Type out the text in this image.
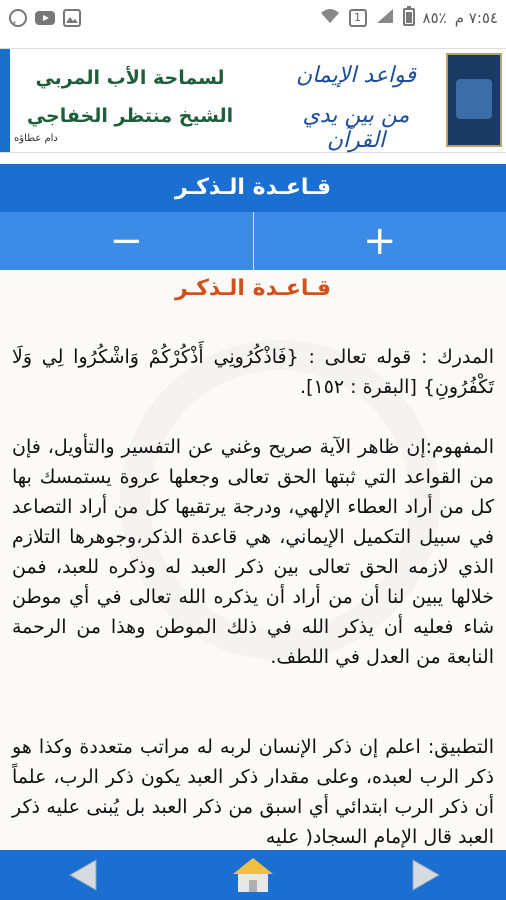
1	٨٥٪ ٧:٥٤ م
قواعد الإيمان
من بين يدي القرآن
لسماحة الأب المربي
الشيخ منتظر الخفاجي
دام عطاؤه
قـاعـدة الـذكـر
−	+
قـاعـدة الـذكـر
المدرك : قوله تعالى : {فَاذْكُرُونِي أَذْكُرْكُمْ وَاشْكُرُوا لِي وَلَا تَكْفُرُونِ} [البقرة : ١٥٢].
المفهوم:إن ظاهر الآية صريح وغني عن التفسير والتأويل، فإن من القواعد التي ثبتها الحق تعالى وجعلها عروة يستمسك بها كل من أراد العطاء الإلهي، ودرجة يرتقيها كل من أراد التصاعد في سبيل التكميل الإيماني، هي قاعدة الذكر،وجوهرها التلازم الذي لازمه الحق تعالى بين ذكر العبد له وذكره للعبد، فمن خلالها يبين لنا أن من أراد أن يذكره الله تعالى في أي موطن شاء فعليه أن يذكر الله في ذلك الموطن وهذا من الرحمة النابعة من العدل في اللطف.
التطبيق: اعلم إن ذكر الإنسان لربه له مراتب متعددة وكذا هو ذكر الرب لعبده، وعلى مقدار ذكر العبد يكون ذكر الرب، علماً أن ذكر الرب ابتدائي أي اسبق من ذكر العبد بل يُبنى عليه ذكر العبد قال الإمام السجاد( عليه
